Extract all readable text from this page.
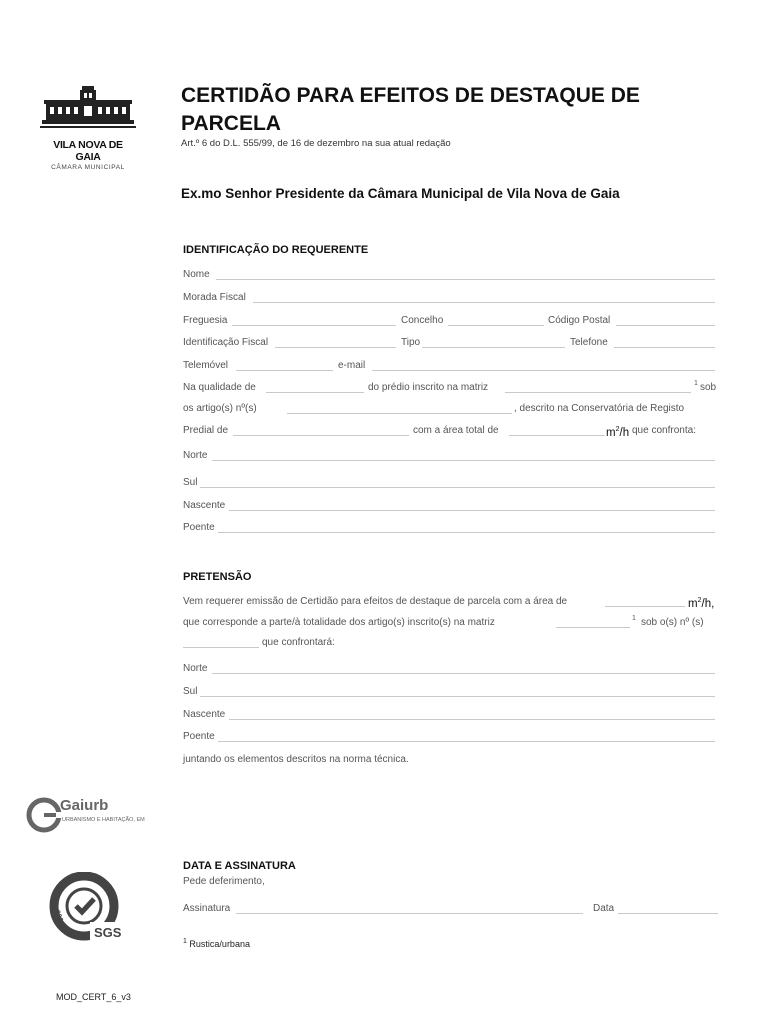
VILA NOVA DE GAIA
CÂMARA MUNICIPAL
CERTIDÃO PARA EFEITOS DE DESTAQUE DE PARCELA
Art.º 6 do D.L. 555/99, de 16 de dezembro na sua atual redação
Ex.mo Senhor Presidente da Câmara Municipal de Vila Nova de Gaia
IDENTIFICAÇÃO DO REQUERENTE
Nome
Morada Fiscal
Freguesia	Concelho	Código Postal
Identificação Fiscal	Tipo	Telefone
Telemóvel	e-mail
Na qualidade de	do prédio inscrito na matriz	$^1$ sob
os artigo(s) nº(s)	, descrito na Conservatória de Registo
Predial de	com a área total de	$m^2/h$ que confronta:
Norte
Sul
Nascente
Poente
PRETENSÃO
Vem requerer emissão de Certidão para efeitos de destaque de parcela com a área de	$m^2/h$,
que corresponde a parte/à totalidade dos artigo(s) inscrito(s) na matriz	$^1$ sob o(s) nº (s)
que confrontará:
Norte
Sul
Nascente
Poente
juntando os elementos descritos na norma técnica.
Gaiurb
URBANISMO E HABITAÇÃO, EM
SGS
ISO 9001
DATA E ASSINATURA
Pede deferimento,
Assinatura	Data
$^1$ Rustica/urbana
MOD_CERT_6_v3
